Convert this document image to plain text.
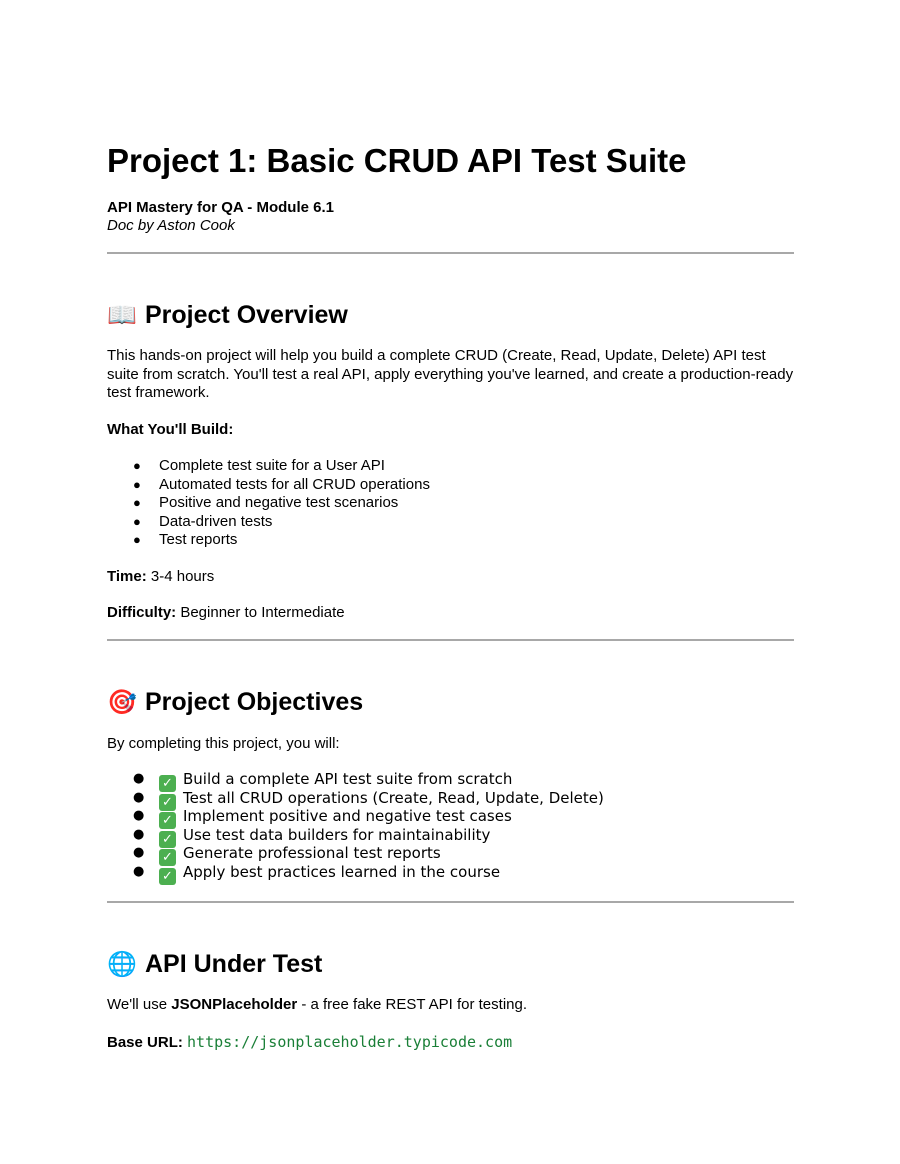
Project 1: Basic CRUD API Test Suite
API Mastery for QA - Module 6.1
Doc by Aston Cook
📖 Project Overview

This hands-on project will help you build a complete CRUD (Create, Read, Update, Delete) API test suite from scratch. You'll test a real API, apply everything you've learned, and create a production-ready test framework.

What You'll Build:

● Complete test suite for a User API
● Automated tests for all CRUD operations
● Positive and negative test scenarios
● Data-driven tests
● Test reports

Time: 3-4 hours

Difficulty: Beginner to Intermediate

🎯 Project Objectives

By completing this project, you will:

● ✓ Build a complete API test suite from scratch
● ✓ Test all CRUD operations (Create, Read, Update, Delete)
● ✓ Implement positive and negative test cases
● ✓ Use test data builders for maintainability
● ✓ Generate professional test reports
● ✓ Apply best practices learned in the course
🌐 API Under Test

We'll use JSONPlaceholder - a free fake REST API for testing.

Base URL: https://jsonplaceholder.typicode.com
